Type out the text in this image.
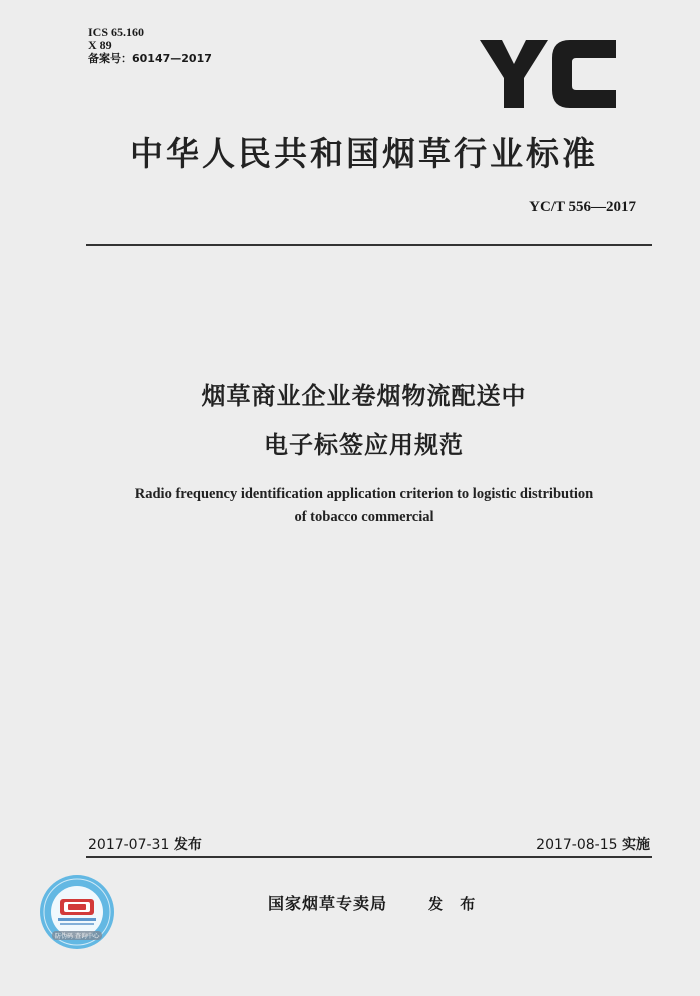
ICS 65.160
X 89
备案号：60147—2017
中华人民共和国烟草行业标准
YC/T 556—2017
烟草商业企业卷烟物流配送中
电子标签应用规范
Radio frequency identification application criterion to logistic distribution
of tobacco commercial
2017-07-31 发布	2017-08-15 实施
防伪码 查询中心
国家烟草专卖局	发 布
